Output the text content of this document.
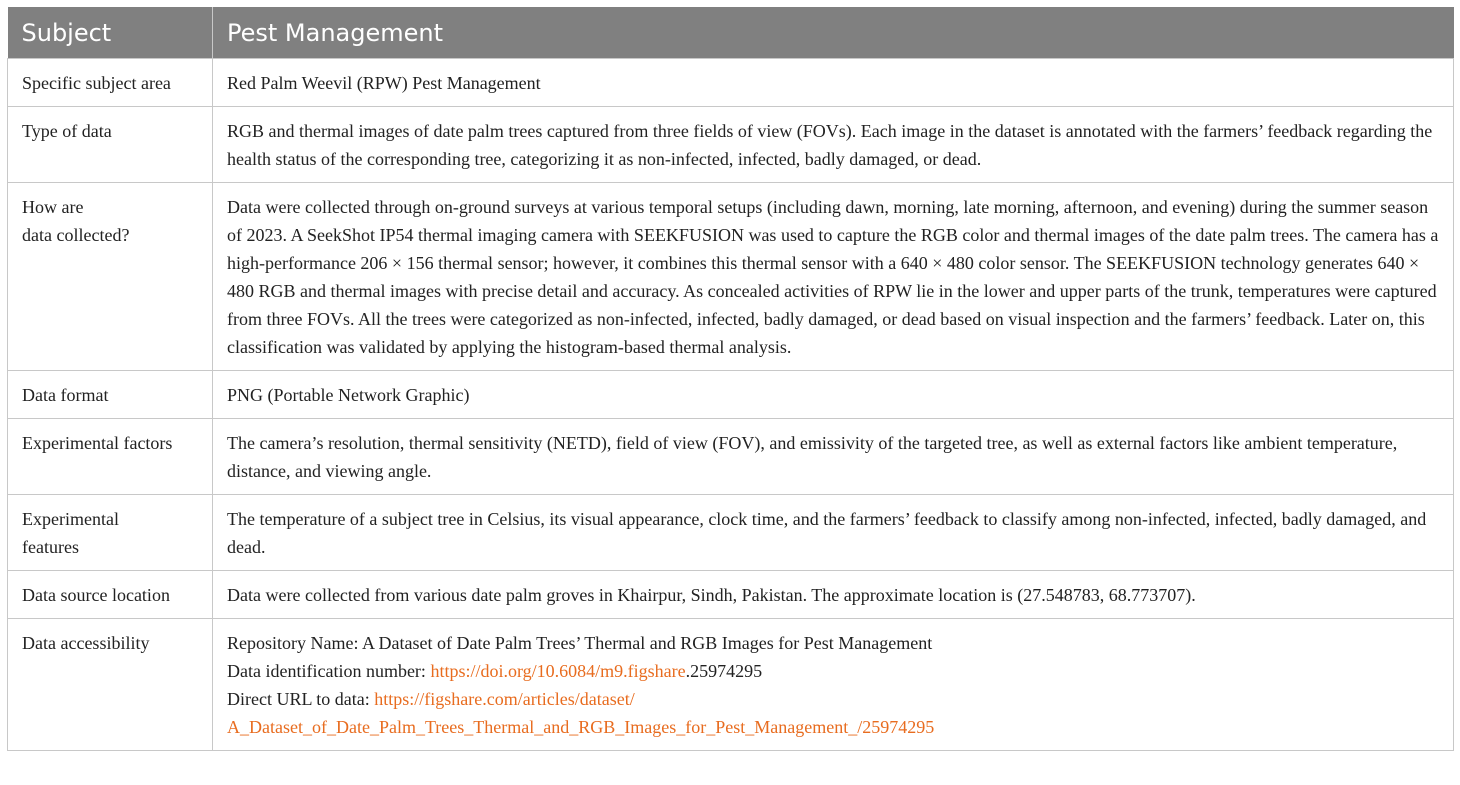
Subject	Pest Management
Specific subject area	Red Palm Weevil (RPW) Pest Management
Type of data	RGB and thermal images of date palm trees captured from three fields of view (FOVs). Each image in the dataset is annotated with the farmers’ feedback regarding the health status of the corresponding tree, categorizing it as non-infected, infected, badly damaged, or dead.
How are
data collected?	Data were collected through on-ground surveys at various temporal setups (including dawn, morning, late morning, afternoon, and evening) during the summer season of 2023. A SeekShot IP54 thermal imaging camera with SEEKFUSION was used to capture the RGB color and thermal images of the date palm trees. The camera has a high-performance 206 × 156 thermal sensor; however, it combines this thermal sensor with a 640 × 480 color sensor. The SEEKFUSION technology generates 640 × 480 RGB and thermal images with precise detail and accuracy. As concealed activities of RPW lie in the lower and upper parts of the trunk, temperatures were captured from three FOVs. All the trees were categorized as non-infected, infected, badly damaged, or dead based on visual inspection and the farmers’ feedback. Later on, this classification was validated by applying the histogram-based thermal analysis.
Data format	PNG (Portable Network Graphic)
Experimental factors	The camera’s resolution, thermal sensitivity (NETD), field of view (FOV), and emissivity of the targeted tree, as well as external factors like ambient temperature, distance, and viewing angle.
Experimental
features	The temperature of a subject tree in Celsius, its visual appearance, clock time, and the farmers’ feedback to classify among non-infected, infected, badly damaged, and dead.
Data source location	Data were collected from various date palm groves in Khairpur, Sindh, Pakistan. The approximate location is (27.548783, 68.773707).
Data accessibility	Repository Name: A Dataset of Date Palm Trees’ Thermal and RGB Images for Pest Management
Data identification number: https://doi.org/10.6084/m9.figshare.25974295
Direct URL to data: https://figshare.com/articles/dataset/
A_Dataset_of_Date_Palm_Trees_Thermal_and_RGB_Images_for_Pest_Management_/25974295
